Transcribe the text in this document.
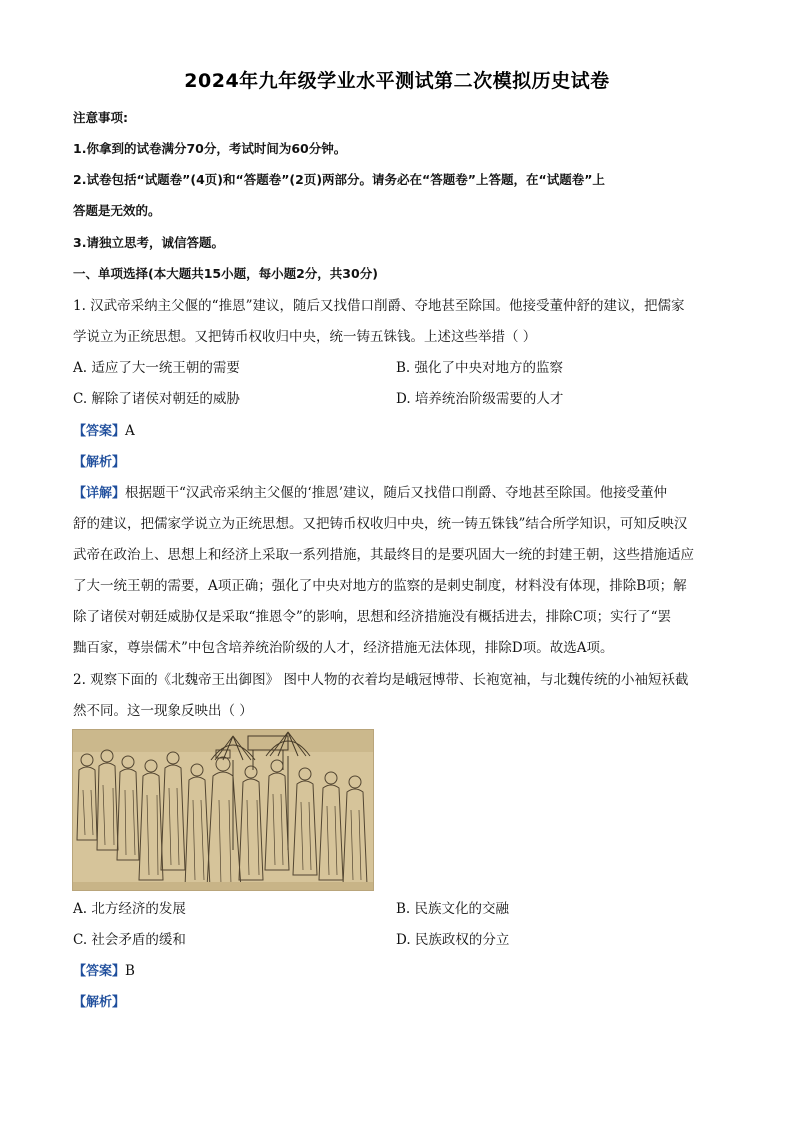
2024年九年级学业水平测试第二次模拟历史试卷
注意事项:
1.你拿到的试卷满分70分，考试时间为60分钟。
2.试卷包括“试题卷”(4页)和“答题卷”(2页)两部分。请务必在“答题卷”上答题，在“试题卷”上
答题是无效的。
3.请独立思考，诚信答题。
一、单项选择(本大题共15小题，每小题2分，共30分)
1. 汉武帝采纳主父偃的“推恩”建议，随后又找借口削爵、夺地甚至除国。他接受董仲舒的建议，把儒家
学说立为正统思想。又把铸币权收归中央，统一铸五铢钱。上述这些举措（ ）
A. 适应了大一统王朝的需要	B. 强化了中央对地方的监察
C. 解除了诸侯对朝廷的威胁	D. 培养统治阶级需要的人才
【答案】A
【解析】
【详解】根据题干“汉武帝采纳主父偃的‘推恩’建议，随后又找借口削爵、夺地甚至除国。他接受董仲
舒的建议，把儒家学说立为正统思想。又把铸币权收归中央，统一铸五铢钱”结合所学知识，可知反映汉
武帝在政治上、思想上和经济上采取一系列措施，其最终目的是要巩固大一统的封建王朝，这些措施适应
了大一统王朝的需要，A项正确；强化了中央对地方的监察的是刺史制度，材料没有体现，排除B项；解
除了诸侯对朝廷威胁仅是采取“推恩令”的影响，思想和经济措施没有概括进去，排除C项；实行了“罢
黜百家，尊崇儒术”中包含培养统治阶级的人才，经济措施无法体现，排除D项。故选A项。
2. 观察下面的《北魏帝王出御图》 图中人物的衣着均是峨冠博带、长袍宽袖，与北魏传统的小袖短袄截
然不同。这一现象反映出（ ）
A. 北方经济的发展	B. 民族文化的交融
C. 社会矛盾的缓和	D. 民族政权的分立
【答案】B
【解析】
